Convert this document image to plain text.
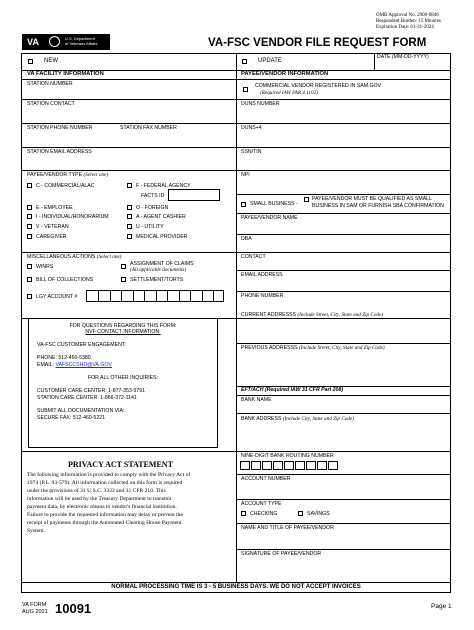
OMB Approval No. 2900-0846
Respondent Burden: 15 Minutes
Expiration Date: 01-31-2024
VA	U.S. Department
of Veterans Affairs	VA-FSC VENDOR FILE REQUEST FORM
NEW	UPDATE
DATE (MM-DD-YYYY)
VA FACILITY INFORMATION
STATION NUMBER
STATION CONTACT
STATION PHONE NUMBER	STATION FAX NUMBER
STATION EMAIL ADDRESS
PAYEE/VENDOR TYPE (Select one)
C - COMMERCIAL/ALAC	F - FEDERAL AGENCY
FACTS ID
E - EMPLOYEE	O - FOREIGN
I - INDIVIDUAL/HONORARIUM	A - AGENT CASHIER
V - VETERAN	U - UTILITY
CAREGIVER	MEDICAL PROVIDER
MISCELLANEOUS ACTIONS (Select one)
WINRS	ASSIGNMENT OF CLAIMS
(All applicable documents)
BILL OF COLLECTIONS	SETTLEMENT/TORTS
LGY ACCOUNT #
PAYEE/VENDOR INFORMATION
COMMERCIAL VENDOR REGISTERED IN SAM.GOV
(Required IAW FAR 4.1102)
DUNS NUMBER
DUNS+4
SSN/TIN
NPI
SMALL BUSINESS -
PAYEE/VENDOR MUST BE QUALIFIED AS SMALL
BUSINESS IN SAM OR FURNISH SBA CONFIRMATION
PAYEE/VENDOR NAME
DBA
CONTACT
EMAIL ADDRESS
PHONE NUMBER
CURRENT ADDRESSS (Include Street, City, State and Zip Code)
PREVIOUS ADDRESSS (Include Street, City, State and Zip Code)
EFT/ACH (Required IAW 31 CFR Part 208)
BANK NAME
BANK ADDRESS (Include City, State and Zip Code)
NINE-DIGIT BANK ROUTING NUMBER
ACCOUNT NUMBER
ACCOUNT TYPE
CHECKING	SAVINGS
NAME AND TITLE OF PAYEE/VENDOR
SIGNATURE OF PAYEE/VENDOR
FOR QUESTIONS REGARDING THIS FORM:
NVF CONTACT INFORMATION:
VA-FSC CUSTOMER ENGAGEMENT:
PHONE: 512-460-5380
EMAIL: VAFSCCSHD@VA.GOV
FOR ALL OTHER INQUIRIES:
CUSTOMER CARE CENTER: 1-877-353-9791
STATION CARE CENTER: 1-866-372-1141
SUBMIT ALL DOCUMENTATION VIA:
SECURE FAX: 512-460-5221
PRIVACY ACT STATEMENT
The following information is provided to comply with the Privacy Act of
1974 (P.L. 93-579). All information collected on this form is required
under the provisions of 31 U.S.C. 3322 and 31 CFR 210. This
information will be used by the Treasury Department to transmit
payment data, by electronic means to vendor's financial institution.
Failure to provide the requested information may delay or prevent the
receipt of payments through the Automated Clearing House Payment
System.
NORMAL PROCESSING TIME IS 3 - 5 BUSINESS DAYS. WE DO NOT ACCEPT INVOICES
VA FORM
AUG 2021 10091	Page 1
